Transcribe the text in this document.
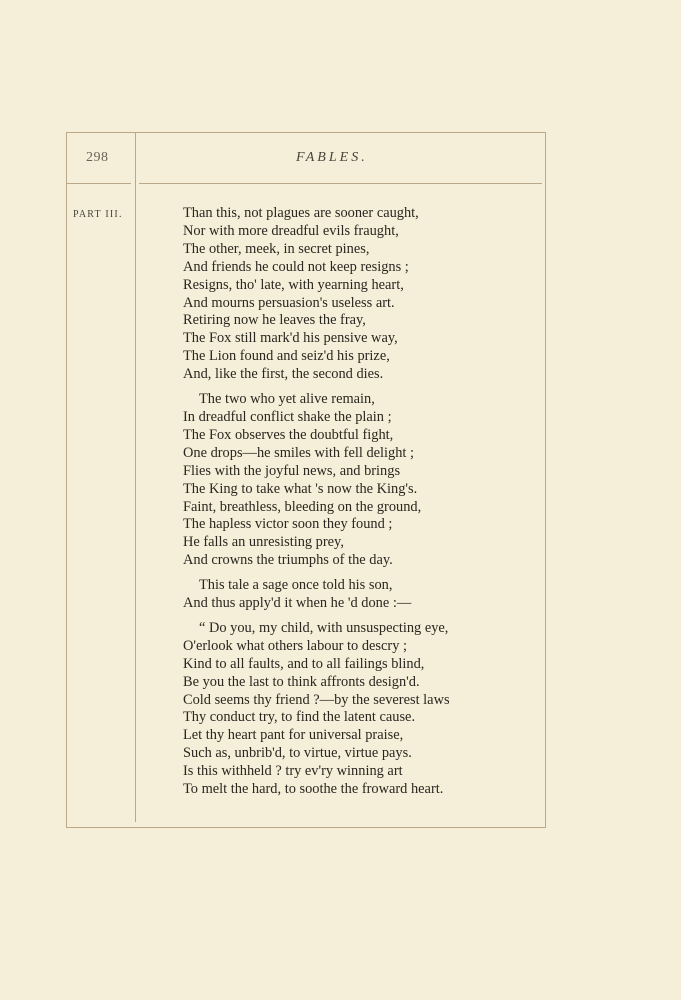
298	FABLES.
PART III.	Than this, not plagues are sooner caught,
Nor with more dreadful evils fraught,
The other, meek, in secret pines,
And friends he could not keep resigns ;
Resigns, tho' late, with yearning heart,
And mourns persuasion's useless art.
Retiring now he leaves the fray,
The Fox still mark'd his pensive way,
The Lion found and seiz'd his prize,
And, like the first, the second dies.
The two who yet alive remain,
In dreadful conflict shake the plain ;
The Fox observes the doubtful fight,
One drops—he smiles with fell delight ;
Flies with the joyful news, and brings
The King to take what 's now the King's.
Faint, breathless, bleeding on the ground,
The hapless victor soon they found ;
He falls an unresisting prey,
And crowns the triumphs of the day.
This tale a sage once told his son,
And thus apply'd it when he 'd done :—
“ Do you, my child, with unsuspecting eye,
O'erlook what others labour to descry ;
Kind to all faults, and to all failings blind,
Be you the last to think affronts design'd.
Cold seems thy friend ?—by the severest laws
Thy conduct try, to find the latent cause.
Let thy heart pant for universal praise,
Such as, unbrib'd, to virtue, virtue pays.
Is this withheld ? try ev'ry winning art
To melt the hard, to soothe the froward heart.
